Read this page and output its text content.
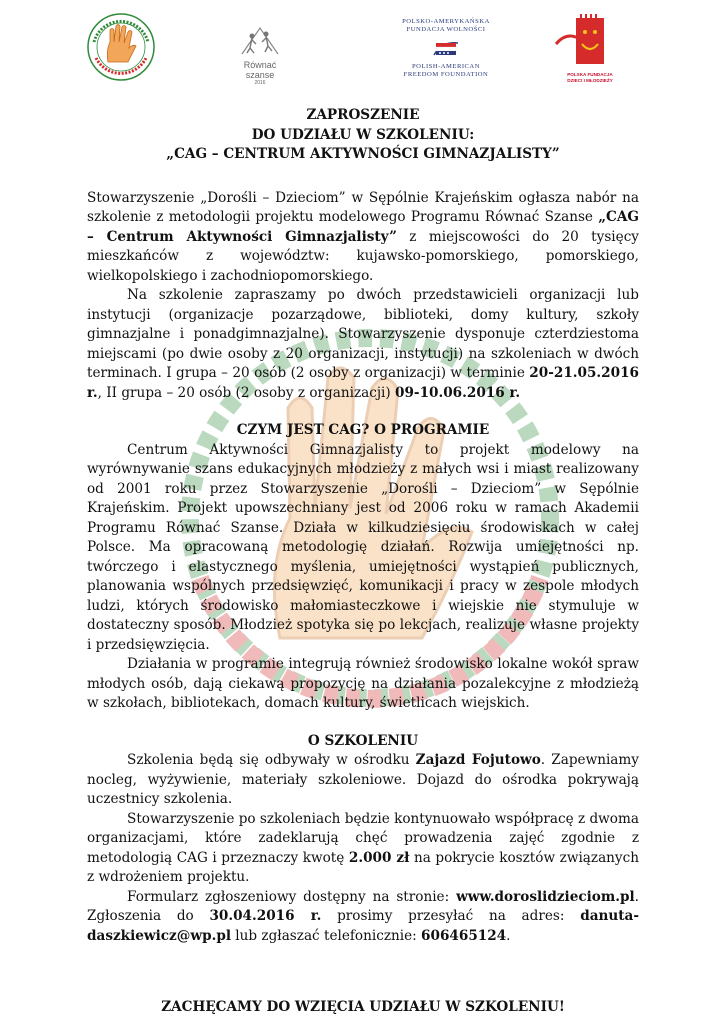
Równać
szanse
2016
POLSKO-AMERYKAŃSKA
FUNDACJA WOLNOŚCI
POLISH-AMERICAN
FREEDOM FOUNDATION	POLSKA FUNDACJA
DZIECI I MŁODZIEŻY

ZAPROSZENIE

DO UDZIAŁU W SZKOLENIU:

„CAG – CENTRUM AKTYWNOŚCI GIMNAZJALISTY”

Stowarzyszenie „Dorośli – Dzieciom” w Sępólnie Krajeńskim ogłasza nabór na szkolenie z metodologii projektu modelowego Programu Równać Szanse „CAG – Centrum Aktywności Gimnazjalisty” z miejscowości do 20 tysięcy mieszkańców z województw: kujawsko-pomorskiego, pomorskiego, wielkopolskiego i zachodniopomorskiego.

Na szkolenie zapraszamy po dwóch przedstawicieli organizacji lub instytucji (organizacje pozarządowe, biblioteki, domy kultury, szkoły gimnazjalne i ponadgimnazjalne). Stowarzyszenie dysponuje czterdziestoma miejscami (po dwie osoby z 20 organizacji, instytucji) na szkoleniach w dwóch terminach. I grupa – 20 osób (2 osoby z organizacji) w terminie 20-21.05.2016 r., II grupa – 20 osób (2 osoby z organizacji) 09-10.06.2016 r.

CZYM JEST CAG? O PROGRAMIE

Centrum Aktywności Gimnazjalisty to projekt modelowy na wyrównywanie szans edukacyjnych młodzieży z małych wsi i miast realizowany od 2001 roku przez Stowarzyszenie „Dorośli – Dzieciom” w Sępólnie Krajeńskim. Projekt upowszechniany jest od 2006 roku w ramach Akademii Programu Równać Szanse. Działa w kilkudziesięciu środowiskach w całej Polsce. Ma opracowaną metodologię działań. Rozwija umiejętności np. twórczego i elastycznego myślenia, umiejętności wystąpień publicznych, planowania wspólnych przedsięwzięć, komunikacji i pracy w zespole młodych ludzi, których środowisko małomiasteczkowe i wiejskie nie stymuluje w dostateczny sposób. Młodzież spotyka się po lekcjach, realizuje własne projekty i przedsięwzięcia.

Działania w programie integrują również środowisko lokalne wokół spraw młodych osób, dają ciekawą propozycję na działania pozalekcyjne z młodzieżą w szkołach, bibliotekach, domach kultury, świetlicach wiejskich.

O SZKOLENIU

Szkolenia będą się odbywały w ośrodku Zajazd Fojutowo. Zapewniamy nocleg, wyżywienie, materiały szkoleniowe. Dojazd do ośrodka pokrywają uczestnicy szkolenia.

Stowarzyszenie po szkoleniach będzie kontynuowało współpracę z dwoma organizacjami, które zadeklarują chęć prowadzenia zajęć zgodnie z metodologią CAG i przeznaczy kwotę 2.000 zł na pokrycie kosztów związanych z wdrożeniem projektu.

Formularz zgłoszeniowy dostępny na stronie: www.doroslidzieciom.pl. Zgłoszenia do 30.04.2016 r. prosimy przesyłać na adres: danuta-daszkiewicz@wp.pl lub zgłaszać telefonicznie: 606465124.

ZACHĘCAMY DO WZIĘCIA UDZIAŁU W SZKOLENIU!
